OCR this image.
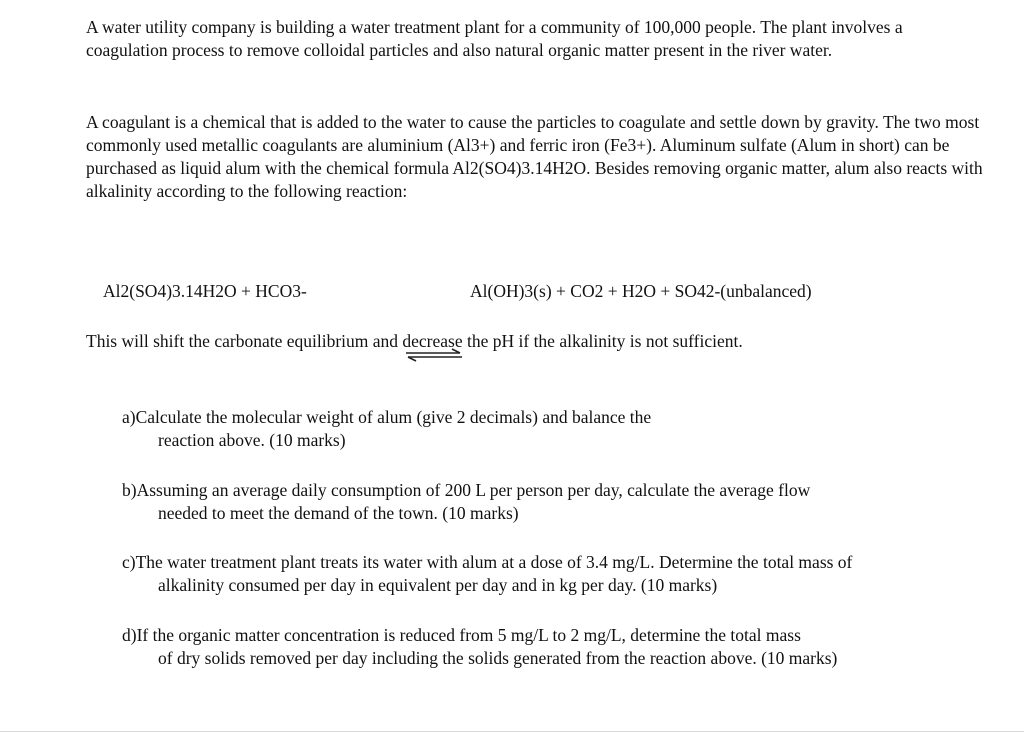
A water utility company is building a water treatment plant for a community of 100,000 people. The plant involves a coagulation process to remove colloidal particles and also natural organic matter present in the river water.

A coagulant is a chemical that is added to the water to cause the particles to coagulate and settle down by gravity. The two most commonly used metallic coagulants are aluminium (Al3+) and ferric iron (Fe3+). Aluminum sulfate (Alum in short) can be purchased as liquid alum with the chemical formula Al2(SO4)3.14H2O. Besides removing organic matter, alum also reacts with alkalinity according to the following reaction:

Al2(SO4)3.14H2O + HCO3-	Al(OH)3(s) + CO2 + H2O + SO42-(unbalanced)

This will shift the carbonate equilibrium and decrease the pH if the alkalinity is not sufficient.

a)Calculate the molecular weight of alum (give 2 decimals) and balance the
reaction above. (10 marks)

b)Assuming an average daily consumption of 200 L per person per day, calculate the average flow
needed to meet the demand of the town. (10 marks)

c)The water treatment plant treats its water with alum at a dose of 3.4 mg/L. Determine the total mass of
alkalinity consumed per day in equivalent per day and in kg per day. (10 marks)

d)If the organic matter concentration is reduced from 5 mg/L to 2 mg/L, determine the total mass
of dry solids removed per day including the solids generated from the reaction above. (10 marks)
